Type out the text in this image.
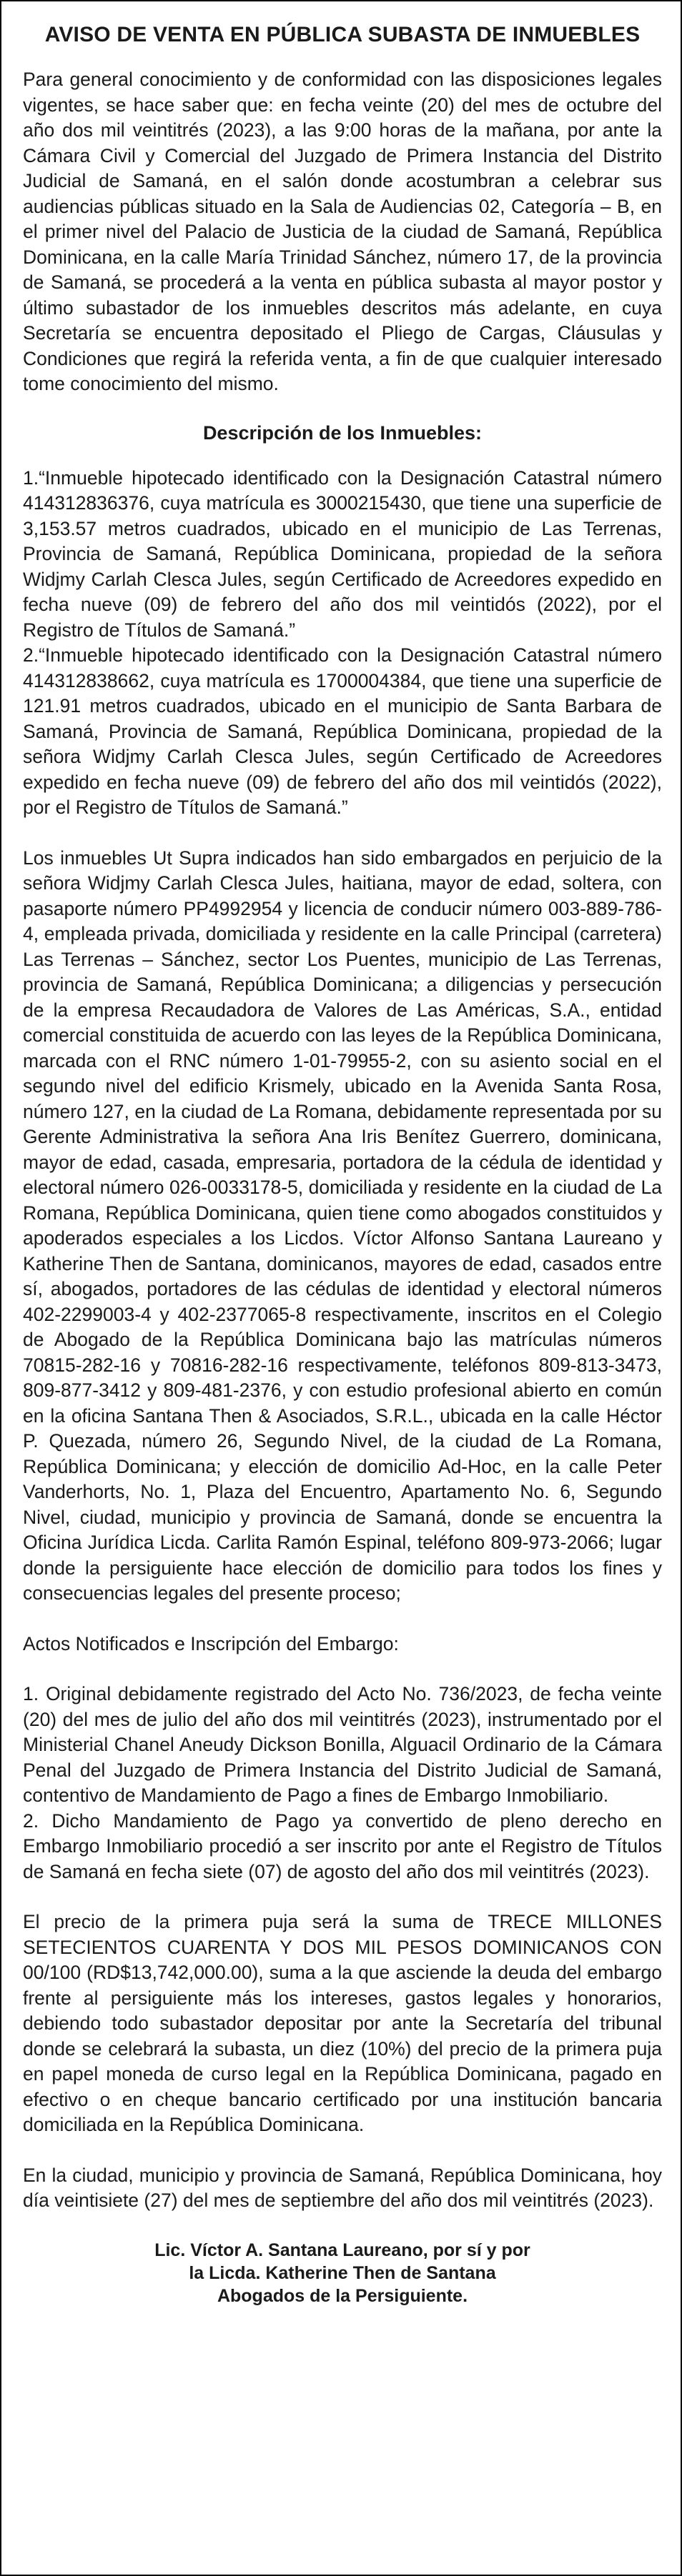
AVISO DE VENTA EN PÚBLICA SUBASTA DE INMUEBLES

Para general conocimiento y de conformidad con las disposiciones legales vigentes, se hace saber que: en fecha veinte (20) del mes de octubre del año dos mil veintitrés (2023), a las 9:00 horas de la mañana, por ante la Cámara Civil y Comercial del Juzgado de Primera Instancia del Distrito Judicial de Samaná, en el salón donde acostumbran a celebrar sus audiencias públicas situado en la Sala de Audiencias 02, Categoría – B, en el primer nivel del Palacio de Justicia de la ciudad de Samaná, República Dominicana, en la calle María Trinidad Sánchez, número 17, de la provincia de Samaná, se procederá a la venta en pública subasta al mayor postor y último subastador de los inmuebles descritos más adelante, en cuya Secretaría se encuentra depositado el Pliego de Cargas, Cláusulas y Condiciones que regirá la referida venta, a fin de que cualquier interesado tome conocimiento del mismo.

Descripción de los Inmuebles:

1.“Inmueble hipotecado identificado con la Designación Catastral número 414312836376, cuya matrícula es 3000215430, que tiene una superficie de 3,153.57 metros cuadrados, ubicado en el municipio de Las Terrenas, Provincia de Samaná, República Dominicana, propiedad de la señora Widjmy Carlah Clesca Jules, según Certificado de Acreedores expedido en fecha nueve (09) de febrero del año dos mil veintidós (2022), por el Registro de Títulos de Samaná.”

2.“Inmueble hipotecado identificado con la Designación Catastral número 414312838662, cuya matrícula es 1700004384, que tiene una superficie de 121.91 metros cuadrados, ubicado en el municipio de Santa Barbara de Samaná, Provincia de Samaná, República Dominicana, propiedad de la señora Widjmy Carlah Clesca Jules, según Certificado de Acreedores expedido en fecha nueve (09) de febrero del año dos mil veintidós (2022), por el Registro de Títulos de Samaná.”

Los inmuebles Ut Supra indicados han sido embargados en perjuicio de la señora Widjmy Carlah Clesca Jules, haitiana, mayor de edad, soltera, con pasaporte número PP4992954 y licencia de conducir número 003-889-786-4, empleada privada, domiciliada y residente en la calle Principal (carretera) Las Terrenas – Sánchez, sector Los Puentes, municipio de Las Terrenas, provincia de Samaná, República Dominicana; a diligencias y persecución de la empresa Recaudadora de Valores de Las Américas, S.A., entidad comercial constituida de acuerdo con las leyes de la República Dominicana, marcada con el RNC número 1-01-79955-2, con su asiento social en el segundo nivel del edificio Krismely, ubicado en la Avenida Santa Rosa, número 127, en la ciudad de La Romana, debidamente representada por su Gerente Administrativa la señora Ana Iris Benítez Guerrero, dominicana, mayor de edad, casada, empresaria, portadora de la cédula de identidad y electoral número 026-0033178-5, domiciliada y residente en la ciudad de La Romana, República Dominicana, quien tiene como abogados constituidos y apoderados especiales a los Licdos. Víctor Alfonso Santana Laureano y Katherine Then de Santana, dominicanos, mayores de edad, casados entre sí, abogados, portadores de las cédulas de identidad y electoral números 402-2299003-4 y 402-2377065-8 respectivamente, inscritos en el Colegio de Abogado de la República Dominicana bajo las matrículas números 70815-282-16 y 70816-282-16 respectivamente, teléfonos 809-813-3473, 809-877-3412 y 809-481-2376, y con estudio profesional abierto en común en la oficina Santana Then & Asociados, S.R.L., ubicada en la calle Héctor P. Quezada, número 26, Segundo Nivel, de la ciudad de La Romana, República Dominicana; y elección de domicilio Ad-Hoc, en la calle Peter Vanderhorts, No. 1, Plaza del Encuentro, Apartamento No. 6, Segundo Nivel, ciudad, municipio y provincia de Samaná, donde se encuentra la Oficina Jurídica Licda. Carlita Ramón Espinal, teléfono 809-973-2066; lugar donde la persiguiente hace elección de domicilio para todos los fines y consecuencias legales del presente proceso;

Actos Notificados e Inscripción del Embargo:

1. Original debidamente registrado del Acto No. 736/2023, de fecha veinte (20) del mes de julio del año dos mil veintitrés (2023), instrumentado por el Ministerial Chanel Aneudy Dickson Bonilla, Alguacil Ordinario de la Cámara Penal del Juzgado de Primera Instancia del Distrito Judicial de Samaná, contentivo de Mandamiento de Pago a fines de Embargo Inmobiliario.

2. Dicho Mandamiento de Pago ya convertido de pleno derecho en Embargo Inmobiliario procedió a ser inscrito por ante el Registro de Títulos de Samaná en fecha siete (07) de agosto del año dos mil veintitrés (2023).

El precio de la primera puja será la suma de TRECE MILLONES SETECIENTOS CUARENTA Y DOS MIL PESOS DOMINICANOS CON 00/100 (RD$13,742,000.00), suma a la que asciende la deuda del embargo frente al persiguiente más los intereses, gastos legales y honorarios, debiendo todo subastador depositar por ante la Secretaría del tribunal donde se celebrará la subasta, un diez (10%) del precio de la primera puja en papel moneda de curso legal en la República Dominicana, pagado en efectivo o en cheque bancario certificado por una institución bancaria domiciliada en la República Dominicana.

En la ciudad, municipio y provincia de Samaná, República Dominicana, hoy día veintisiete (27) del mes de septiembre del año dos mil veintitrés (2023).

Lic. Víctor A. Santana Laureano, por sí y por
la Licda. Katherine Then de Santana
Abogados de la Persiguiente.
